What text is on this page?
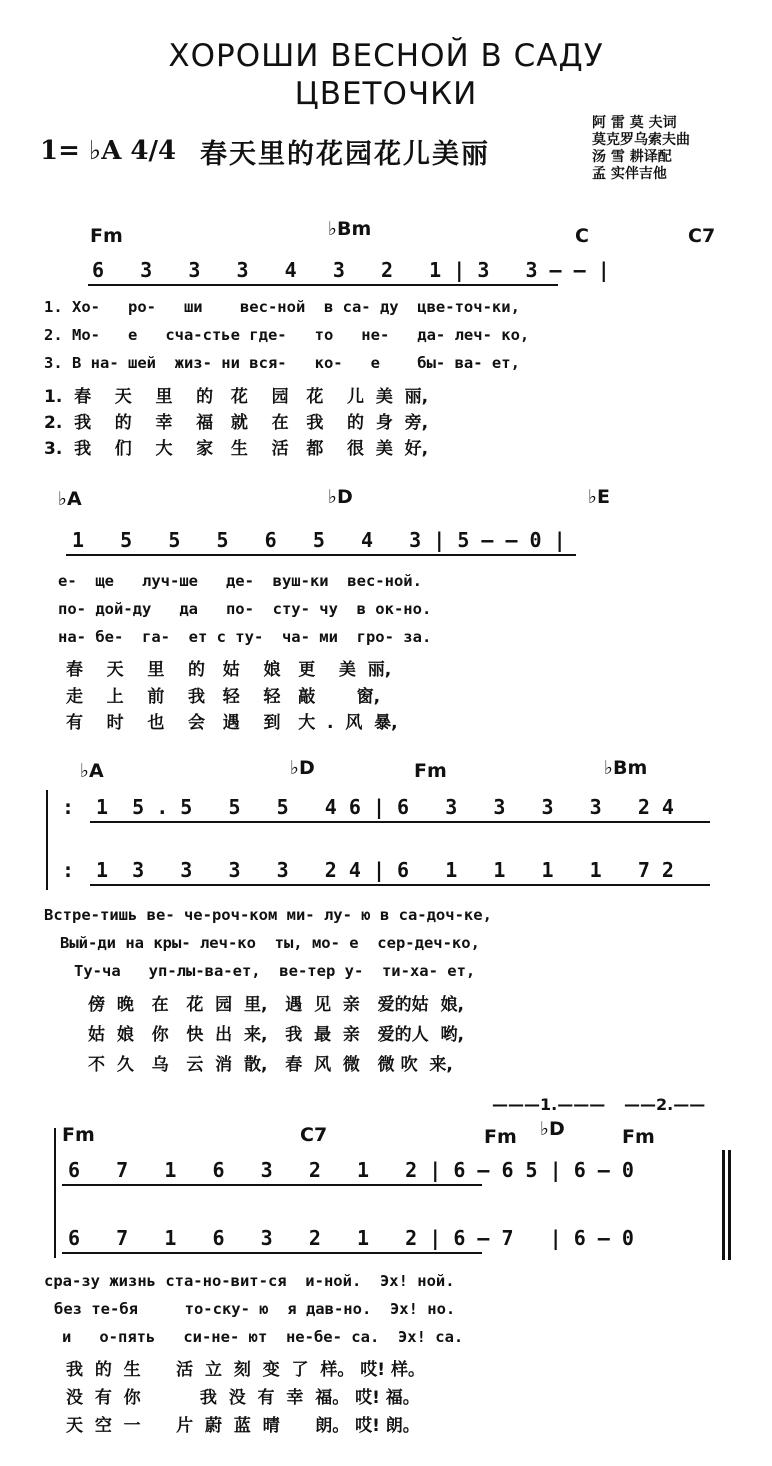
ХОРОШИ ВЕСНОЙ В САДУ
ЦВЕТОЧКИ
1= ♭A 4/4 春天里的花园花儿美丽
阿 雷 莫 夫词
莫克罗乌索夫曲
汤 雪 耕译配
孟 实伴吉他
Fm	♭Bm	C	C7
6   3   3   3   4   3   2   1 | 3   3 — — |
1. Хо-   ро-   ши    вес-ной  в са- ду  цве-точ-ки,
2. Мо-   е   сча-стье где-   то   не-   да- леч- ко,
3. В на- шей  жиз- ни вся-   ко-   е    бы- ва- ет,
1.  春    天    里    的   花    园   花    儿  美  丽,
2.  我    的    幸    福   就    在   我    的  身  旁,
3.  我    们    大    家   生    活   都    很  美  好,
♭A	♭D	♭E
1   5   5   5   6   5   4   3 | 5 — — 0 |
е-  ще   луч-ше   де-  вуш-ки  вес-ной.
по- дой-ду   да   по-  сту- чу  в ок-но.
на- бе-  га-  ет с ту-  ча- ми  гро- за.
春    天    里    的   姑    娘   更    美  丽,
走    上    前    我   轻    轻   敲       窗,
有    时    也    会   遇    到   大  .  风  暴,
♭A	♭D	Fm	♭Bm
:
:
1  5 . 5   5   5   4 6 | 6   3   3   3   3   2 4
1  3   3   3   3   2 4 | 6   1   1   1   1   7 2
Встре-тишь ве- че-роч-ком ми- лу- ю в са-доч-ке,
Вый-ди на кры- леч-ко  ты, мо- е  сер-деч-ко,
Ту-ча   уп-лы-ва-ет,  ве-тер у-  ти-ха- ет,
傍  晚   在   花  园  里,   遇  见  亲   爱的姑  娘,
姑  娘   你   快  出  来,   我  最  亲   爱的人  哟,
不  久   乌   云  消  散,   春  风  微   微 吹  来,
———1.——— ——2.——
Fm	C7	Fm ♭D	Fm
6   7   1   6   3   2   1   2 | 6 — 6 5 | 6 — 0
6   7   1   6   3   2   1   2 | 6 — 7   | 6 — 0
сра-зу жизнь ста-но-вит-ся  и-ной.  Эх! ной.
без те-бя     то-ску- ю  я дав-но.  Эх! но.
и   о-пять   си-не- ют  не-бе- са.  Эх! са.
我  的  生      活  立  刻  变  了  样。 哎! 样。
没  有  你          我  没  有  幸  福。 哎! 福。
天  空  一      片  蔚  蓝  晴      朗。 哎! 朗。
